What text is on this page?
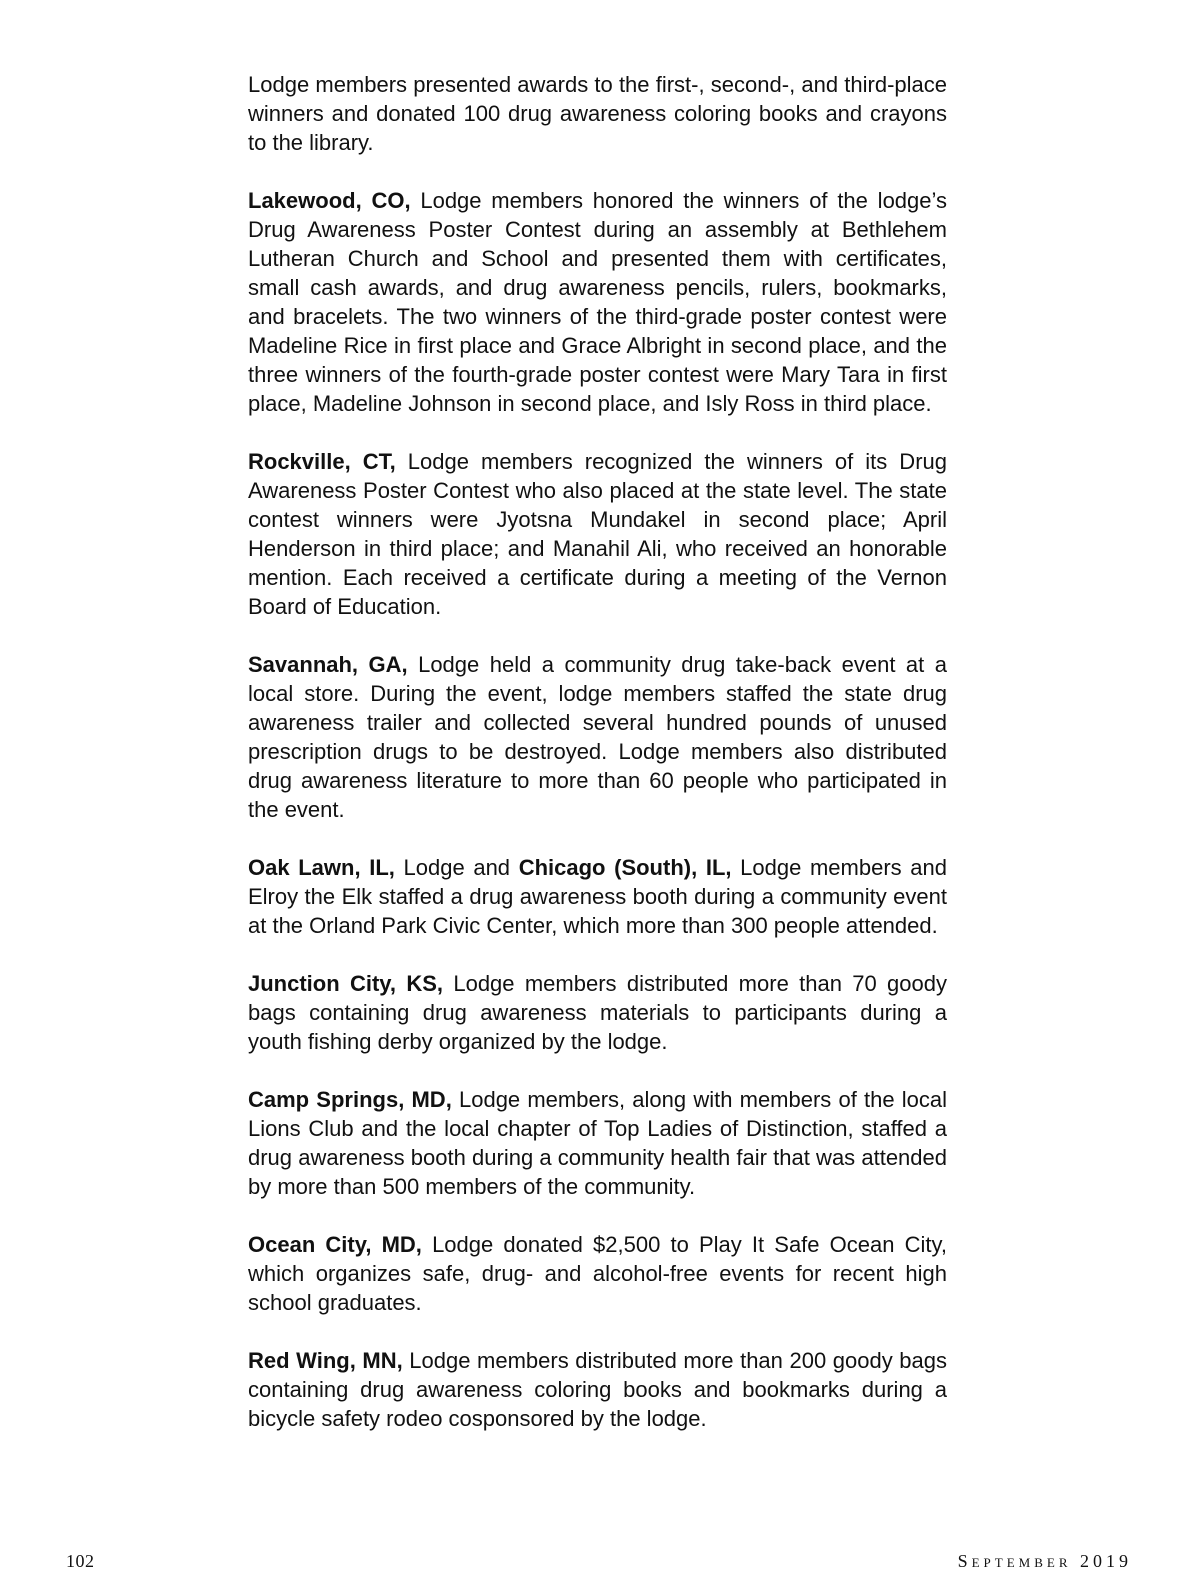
Lodge members presented awards to the first-, second-, and third-place winners and donated 100 drug awareness coloring books and crayons to the library.

Lakewood, CO, Lodge members honored the winners of the lodge’s Drug Awareness Poster Contest during an assembly at Bethlehem Lutheran Church and School and presented them with certificates, small cash awards, and drug awareness pencils, rulers, bookmarks, and bracelets. The two winners of the third-grade poster contest were Madeline Rice in first place and Grace Albright in second place, and the three winners of the fourth-grade poster contest were Mary Tara in first place, Madeline Johnson in second place, and Isly Ross in third place.

Rockville, CT, Lodge members recognized the winners of its Drug Awareness Poster Contest who also placed at the state level. The state contest winners were Jyotsna Mundakel in second place; April Henderson in third place; and Manahil Ali, who received an honorable mention. Each received a certificate during a meeting of the Vernon Board of Education.

Savannah, GA, Lodge held a community drug take-back event at a local store. During the event, lodge members staffed the state drug awareness trailer and collected several hundred pounds of unused prescription drugs to be destroyed. Lodge members also distributed drug awareness literature to more than 60 people who participated in the event.

Oak Lawn, IL, Lodge and Chicago (South), IL, Lodge members and Elroy the Elk staffed a drug awareness booth during a community event at the Orland Park Civic Center, which more than 300 people attended.

Junction City, KS, Lodge members distributed more than 70 goody bags containing drug awareness materials to participants during a youth fishing derby organized by the lodge.

Camp Springs, MD, Lodge members, along with members of the local Lions Club and the local chapter of Top Ladies of Distinction, staffed a drug awareness booth during a community health fair that was attended by more than 500 members of the community.

Ocean City, MD, Lodge donated $2,500 to Play It Safe Ocean City, which organizes safe, drug- and alcohol-free events for recent high school graduates.

Red Wing, MN, Lodge members distributed more than 200 goody bags containing drug awareness coloring books and bookmarks during a bicycle safety rodeo cosponsored by the lodge.

102	September 2019
